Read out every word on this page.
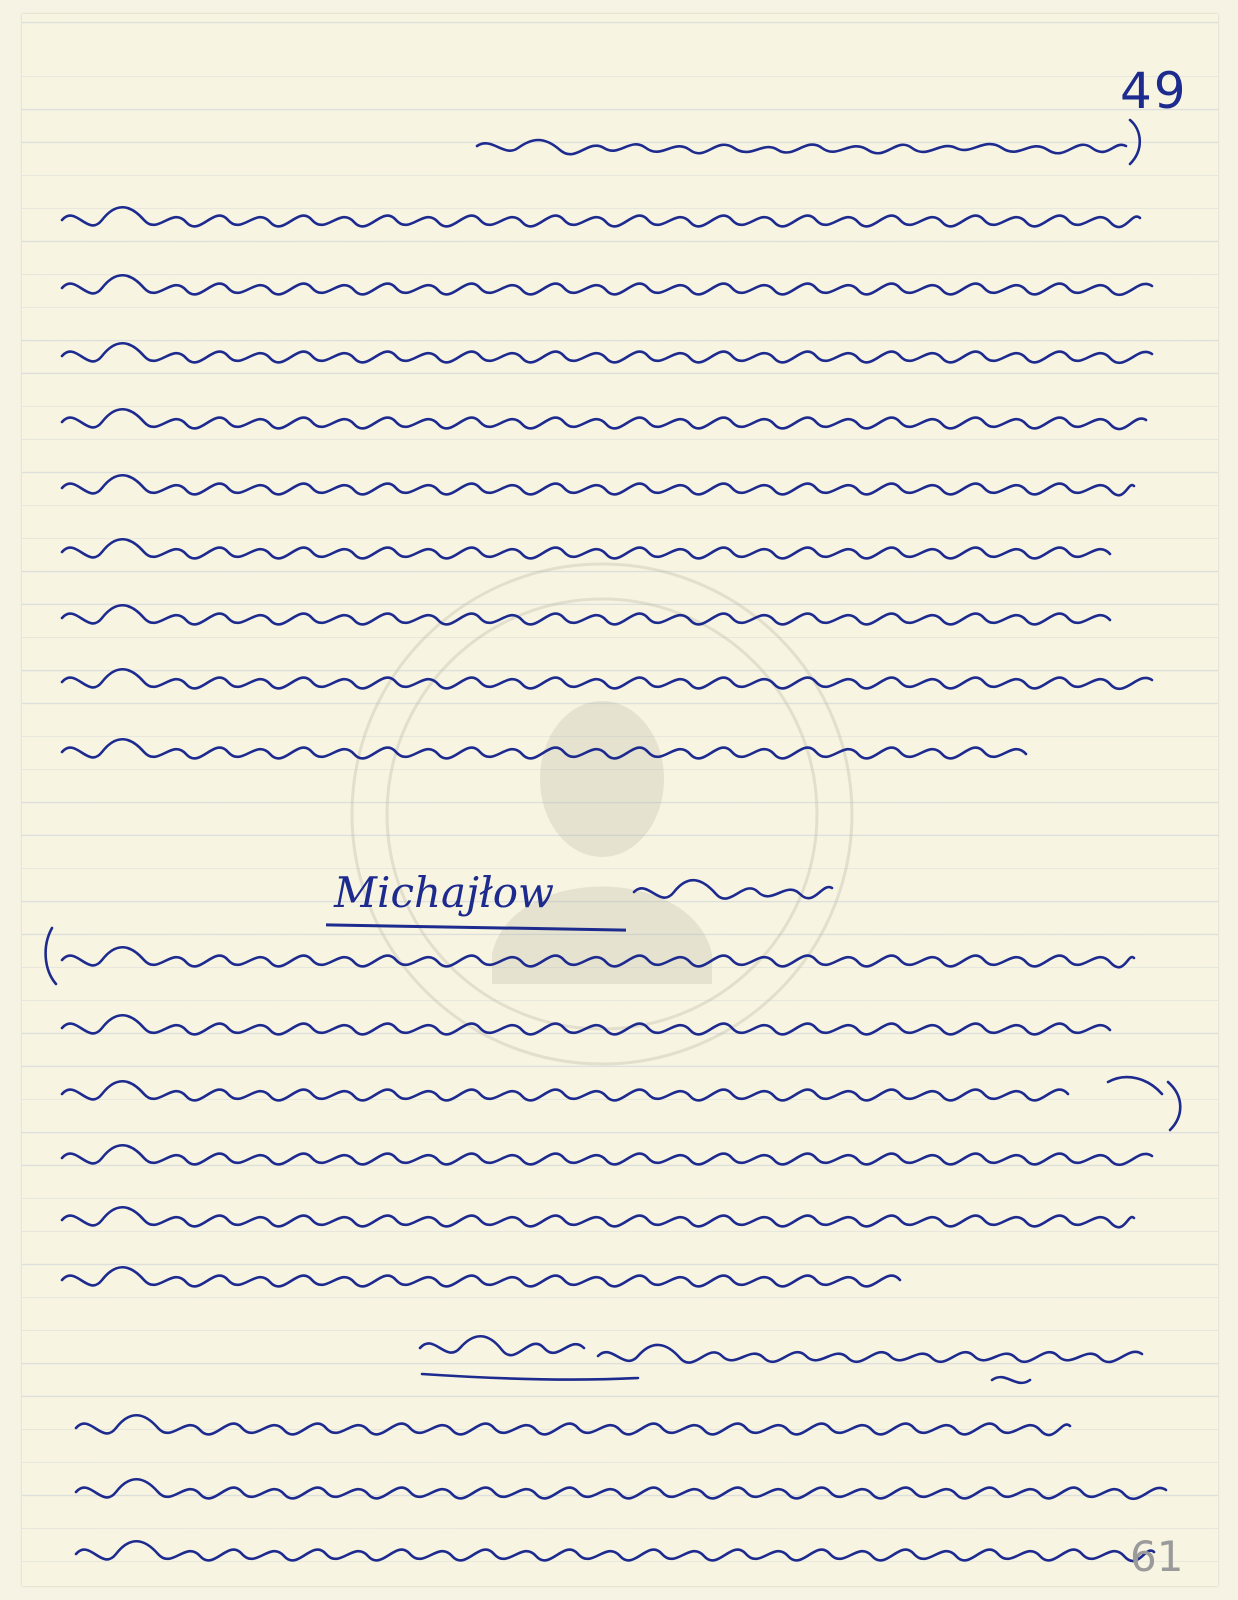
49
Michajłow
61
